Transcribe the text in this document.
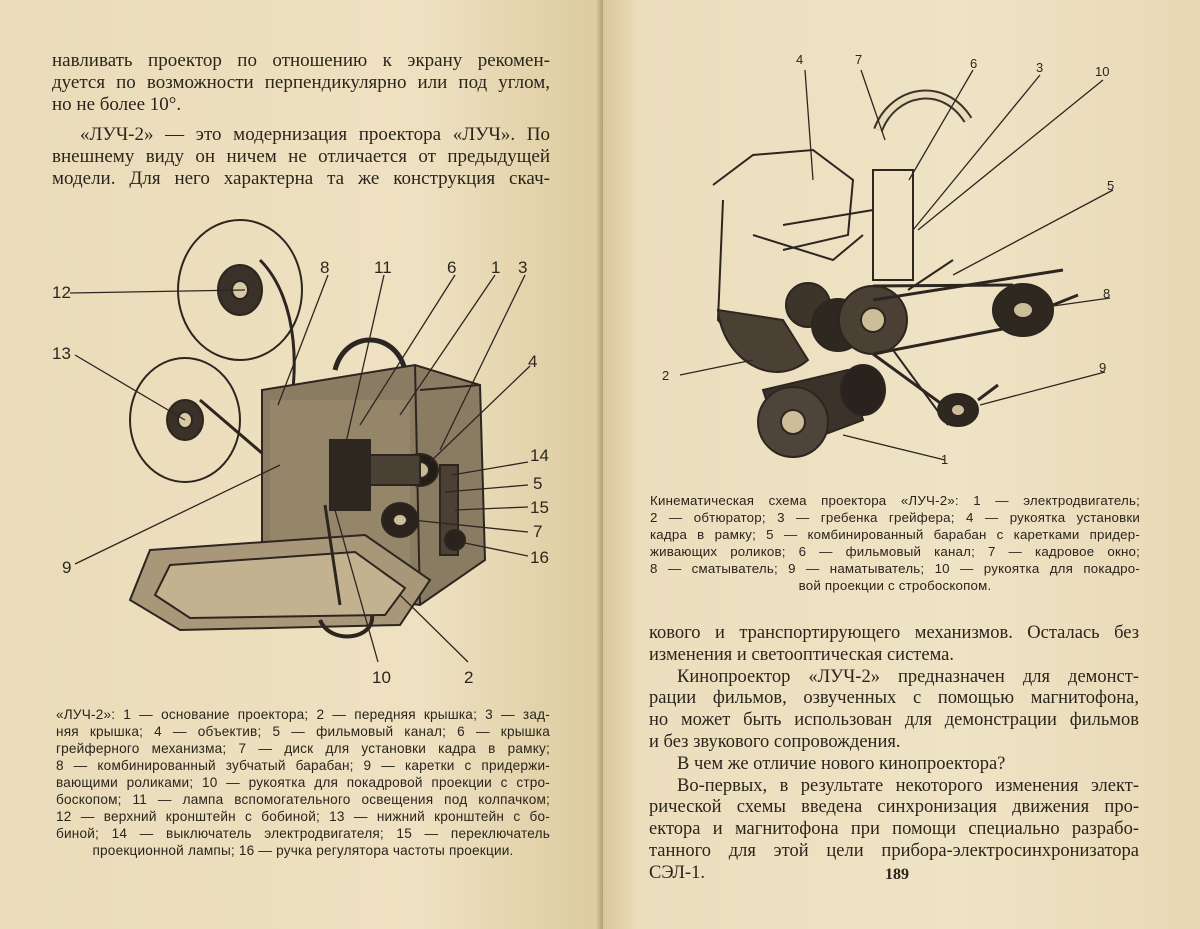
навливать проектор по отношению к экрану рекомен-

дуется по возможности перпендикулярно или под углом,

но не более 10°.

«ЛУЧ-2» — это модернизация проектора «ЛУЧ». По

внешнему виду он ничем не отличается от предыдущей

модели. Для него характерна та же конструкция скач-

12
13
9
8	11	6 1 3
4
14
5
15
7
16
10	2
«ЛУЧ-2»: 1 — основание проектора; 2 — передняя крышка; 3 — зад-
няя крышка; 4 — объектив; 5 — фильмовый канал; 6 — крышка
грейферного механизма; 7 — диск для установки кадра в рамку;
8 — комбинированный зубчатый барабан; 9 — каретки с придержи-
вающими роликами; 10 — рукоятка для покадровой проекции с стро-
боскопом; 11 — лампа вспомогательного освещения под колпачком;
12 — верхний кронштейн с бобиной; 13 — нижний кронштейн с бо-
биной; 14 — выключатель электродвигателя; 15 — переключатель
проекционной лампы; 16 — ручка регулятора частоты проекции.
4	7	6	3	10
5
8
2
9
1
Кинематическая схема проектора «ЛУЧ-2»: 1 — электродвигатель;
2 — обтюратор; 3 — гребенка грейфера; 4 — рукоятка установки
кадра в рамку; 5 — комбинированный барабан с каретками придер-
живающих роликов; 6 — фильмовый канал; 7 — кадровое окно;
8 — сматыватель; 9 — наматыватель; 10 — рукоятка для покадро-
вой проекции с стробоскопом.

кового и транспортирующего механизмов. Осталась без

изменения и светооптическая система.

Кинопроектор «ЛУЧ-2» предназначен для демонст-

рации фильмов, озвученных с помощью магнитофона,

но может быть использован для демонстрации фильмов

и без звукового сопровождения.

В чем же отличие нового кинопроектора?

Во-первых, в результате некоторого изменения элект-

рической схемы введена синхронизация движения про-

ектора и магнитофона при помощи специально разрабо-

танного для этой цели прибора-электросинхронизатора

СЭЛ-1.	189
